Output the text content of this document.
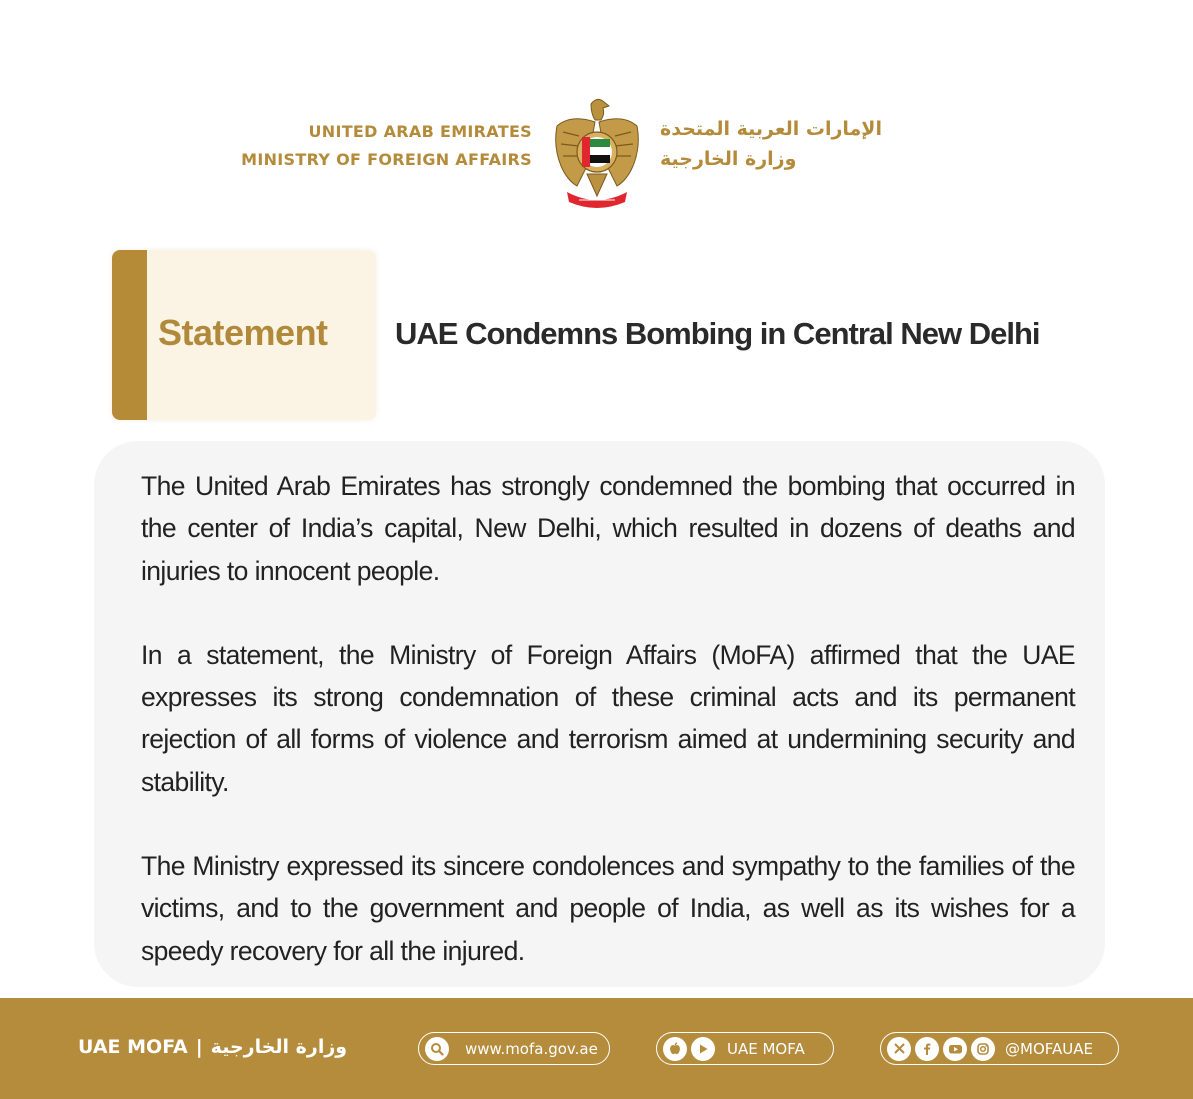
UNITED ARAB EMIRATES
MINISTRY OF FOREIGN AFFAIRS
الإمارات العربية المتحدة
وزارة الخارجية
Statement UAE Condemns Bombing in Central New Delhi

The United Arab Emirates has strongly condemned the bombing that occurred in the center of India’s capital, New Delhi, which resulted in dozens of deaths and injuries to innocent people.

In a statement, the Ministry of Foreign Affairs (MoFA) affirmed that the UAE expresses its strong condemnation of these criminal acts and its permanent rejection of all forms of violence and terrorism aimed at undermining security and stability.

The Ministry expressed its sincere condolences and sympathy to the families of the victims, and to the government and people of India, as well as its wishes for a speedy recovery for all the injured.

UAE MOFA | وزارة الخارجية	www.mofa.gov.ae	UAE MOFA	@MOFAUAE
